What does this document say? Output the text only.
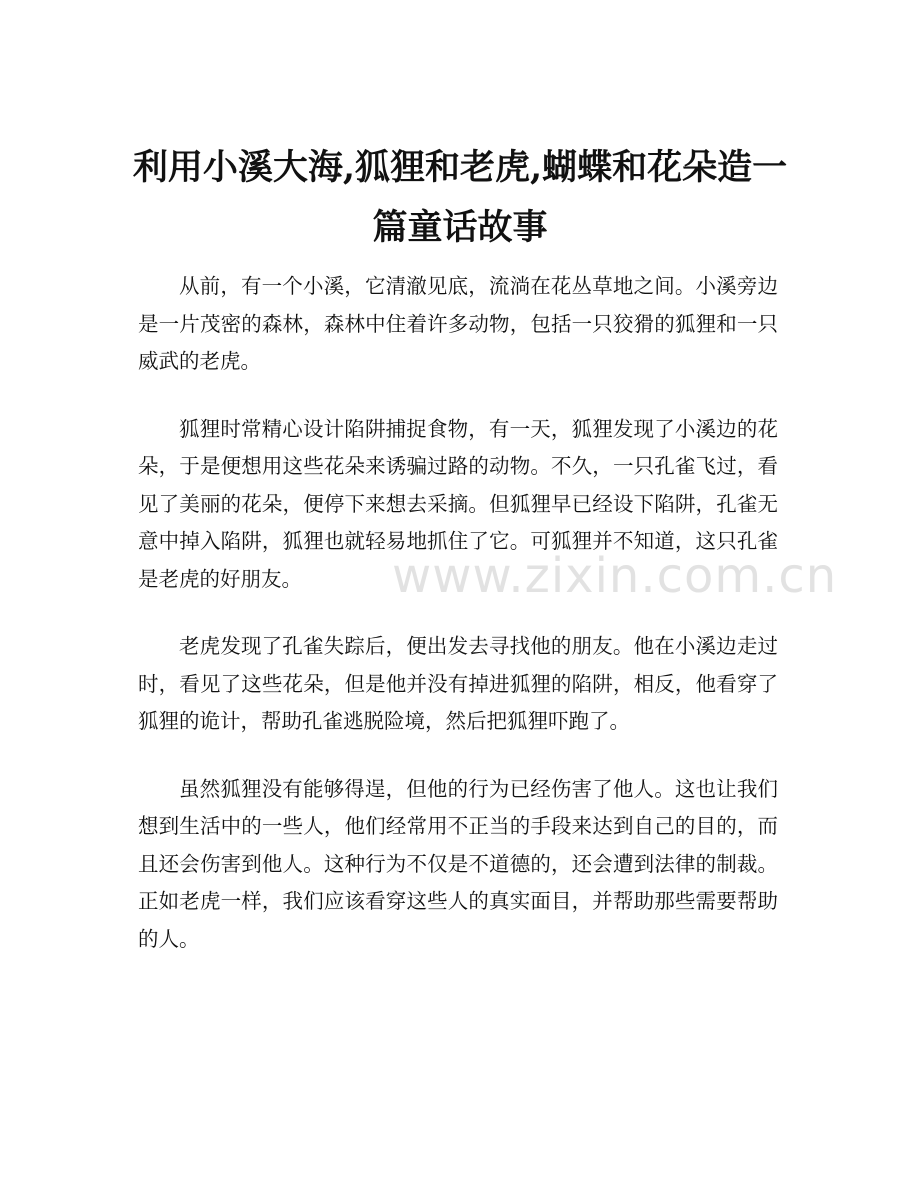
利用小溪大海,狐狸和老虎,蝴蝶和花朵造一
篇童话故事

从前，有一个小溪，它清澈见底，流淌在花丛草地之间。小溪旁边是一片茂密的森林，森林中住着许多动物，包括一只狡猾的狐狸和一只威武的老虎。

狐狸时常精心设计陷阱捕捉食物，有一天，狐狸发现了小溪边的花朵，于是便想用这些花朵来诱骗过路的动物。不久，一只孔雀飞过，看见了美丽的花朵，便停下来想去采摘。但狐狸早已经设下陷阱，孔雀无意中掉入陷阱，狐狸也就轻易地抓住了它。可狐狸并不知道，这只孔雀是老虎的好朋友。

老虎发现了孔雀失踪后，便出发去寻找他的朋友。他在小溪边走过时，看见了这些花朵，但是他并没有掉进狐狸的陷阱，相反，他看穿了狐狸的诡计，帮助孔雀逃脱险境，然后把狐狸吓跑了。

虽然狐狸没有能够得逞，但他的行为已经伤害了他人。这也让我们想到生活中的一些人，他们经常用不正当的手段来达到自己的目的，而且还会伤害到他人。这种行为不仅是不道德的，还会遭到法律的制裁。正如老虎一样，我们应该看穿这些人的真实面目，并帮助那些需要帮助的人。

www.zixin.com.cn
